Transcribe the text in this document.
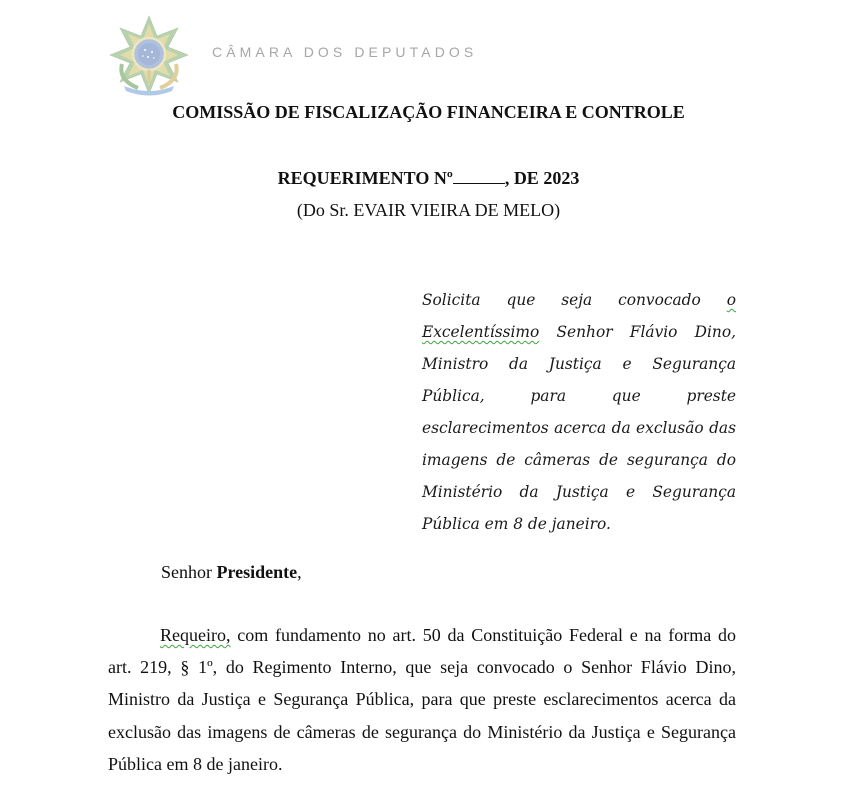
CÂMARA DOS DEPUTADOS
COMISSÃO DE FISCALIZAÇÃO FINANCEIRA E CONTROLE
REQUERIMENTO Nº	, DE 2023
(Do Sr. EVAIR VIEIRA DE MELO)
Solicita que seja convocado o Excelentíssimo Senhor Flávio Dino, Ministro da Justiça e Segurança Pública, para que preste esclarecimentos acerca da exclusão das imagens de câmeras de segurança do Ministério da Justiça e Segurança Pública em 8 de janeiro.
Senhor Presidente,
Requeiro, com fundamento no art. 50 da Constituição Federal e na forma do art. 219, § 1º, do Regimento Interno, que seja convocado o Senhor Flávio Dino, Ministro da Justiça e Segurança Pública, para que preste esclarecimentos acerca da exclusão das imagens de câmeras de segurança do Ministério da Justiça e Segurança Pública em 8 de janeiro.
